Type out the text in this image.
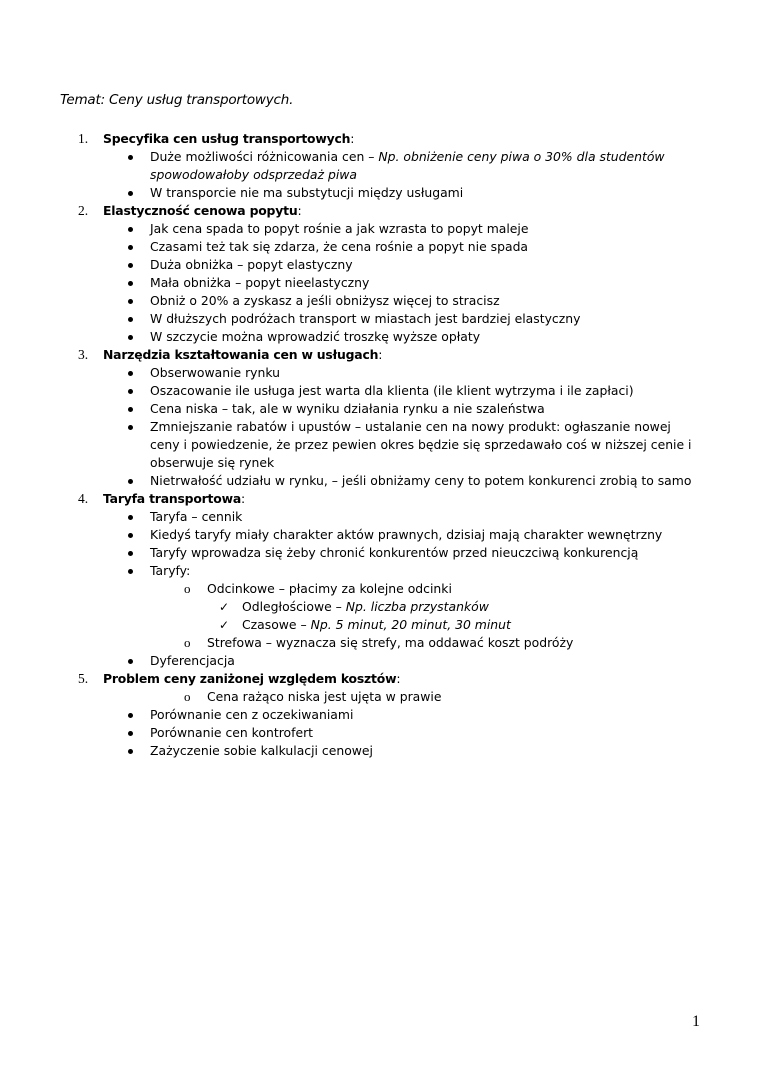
Temat: Ceny usług transportowych.
1.	Specyfika cen usług transportowych:
Duże możliwości różnicowania cen – Np. obniżenie ceny piwa o 30% dla studentów spowodowałoby odsprzedaż piwa
W transporcie nie ma substytucji między usługami
2.	Elastyczność cenowa popytu:
Jak cena spada to popyt rośnie a jak wzrasta to popyt maleje
Czasami też tak się zdarza, że cena rośnie a popyt nie spada
Duża obniżka – popyt elastyczny
Mała obniżka – popyt nieelastyczny
Obniż o 20% a zyskasz a jeśli obniżysz więcej to stracisz
W dłuższych podróżach transport w miastach jest bardziej elastyczny
W szczycie można wprowadzić troszkę wyższe opłaty
3.	Narzędzia kształtowania cen w usługach:
Obserwowanie rynku
Oszacowanie ile usługa jest warta dla klienta (ile klient wytrzyma i ile zapłaci)
Cena niska – tak, ale w wyniku działania rynku a nie szaleństwa
Zmniejszanie rabatów i upustów – ustalanie cen na nowy produkt: ogłaszanie nowej ceny i powiedzenie, że przez pewien okres będzie się sprzedawało coś w niższej cenie i obserwuje się rynek
Nietrwałość udziału w rynku, – jeśli obniżamy ceny to potem konkurenci zrobią to samo
4.	Taryfa transportowa:
Taryfa – cennik
Kiedyś taryfy miały charakter aktów prawnych, dzisiaj mają charakter wewnętrzny
Taryfy wprowadza się żeby chronić konkurentów przed nieuczciwą konkurencją
Taryfy:
o Odcinkowe – płacimy za kolejne odcinki
✓ Odległościowe – Np. liczba przystanków
✓ Czasowe – Np. 5 minut, 20 minut, 30 minut
o Strefowa – wyznacza się strefy, ma oddawać koszt podróży
Dyferencjacja
5.	Problem ceny zaniżonej względem kosztów:
o Cena rażąco niska jest ujęta w prawie
Porównanie cen z oczekiwaniami
Porównanie cen kontrofert
Zażyczenie sobie kalkulacji cenowej
1
